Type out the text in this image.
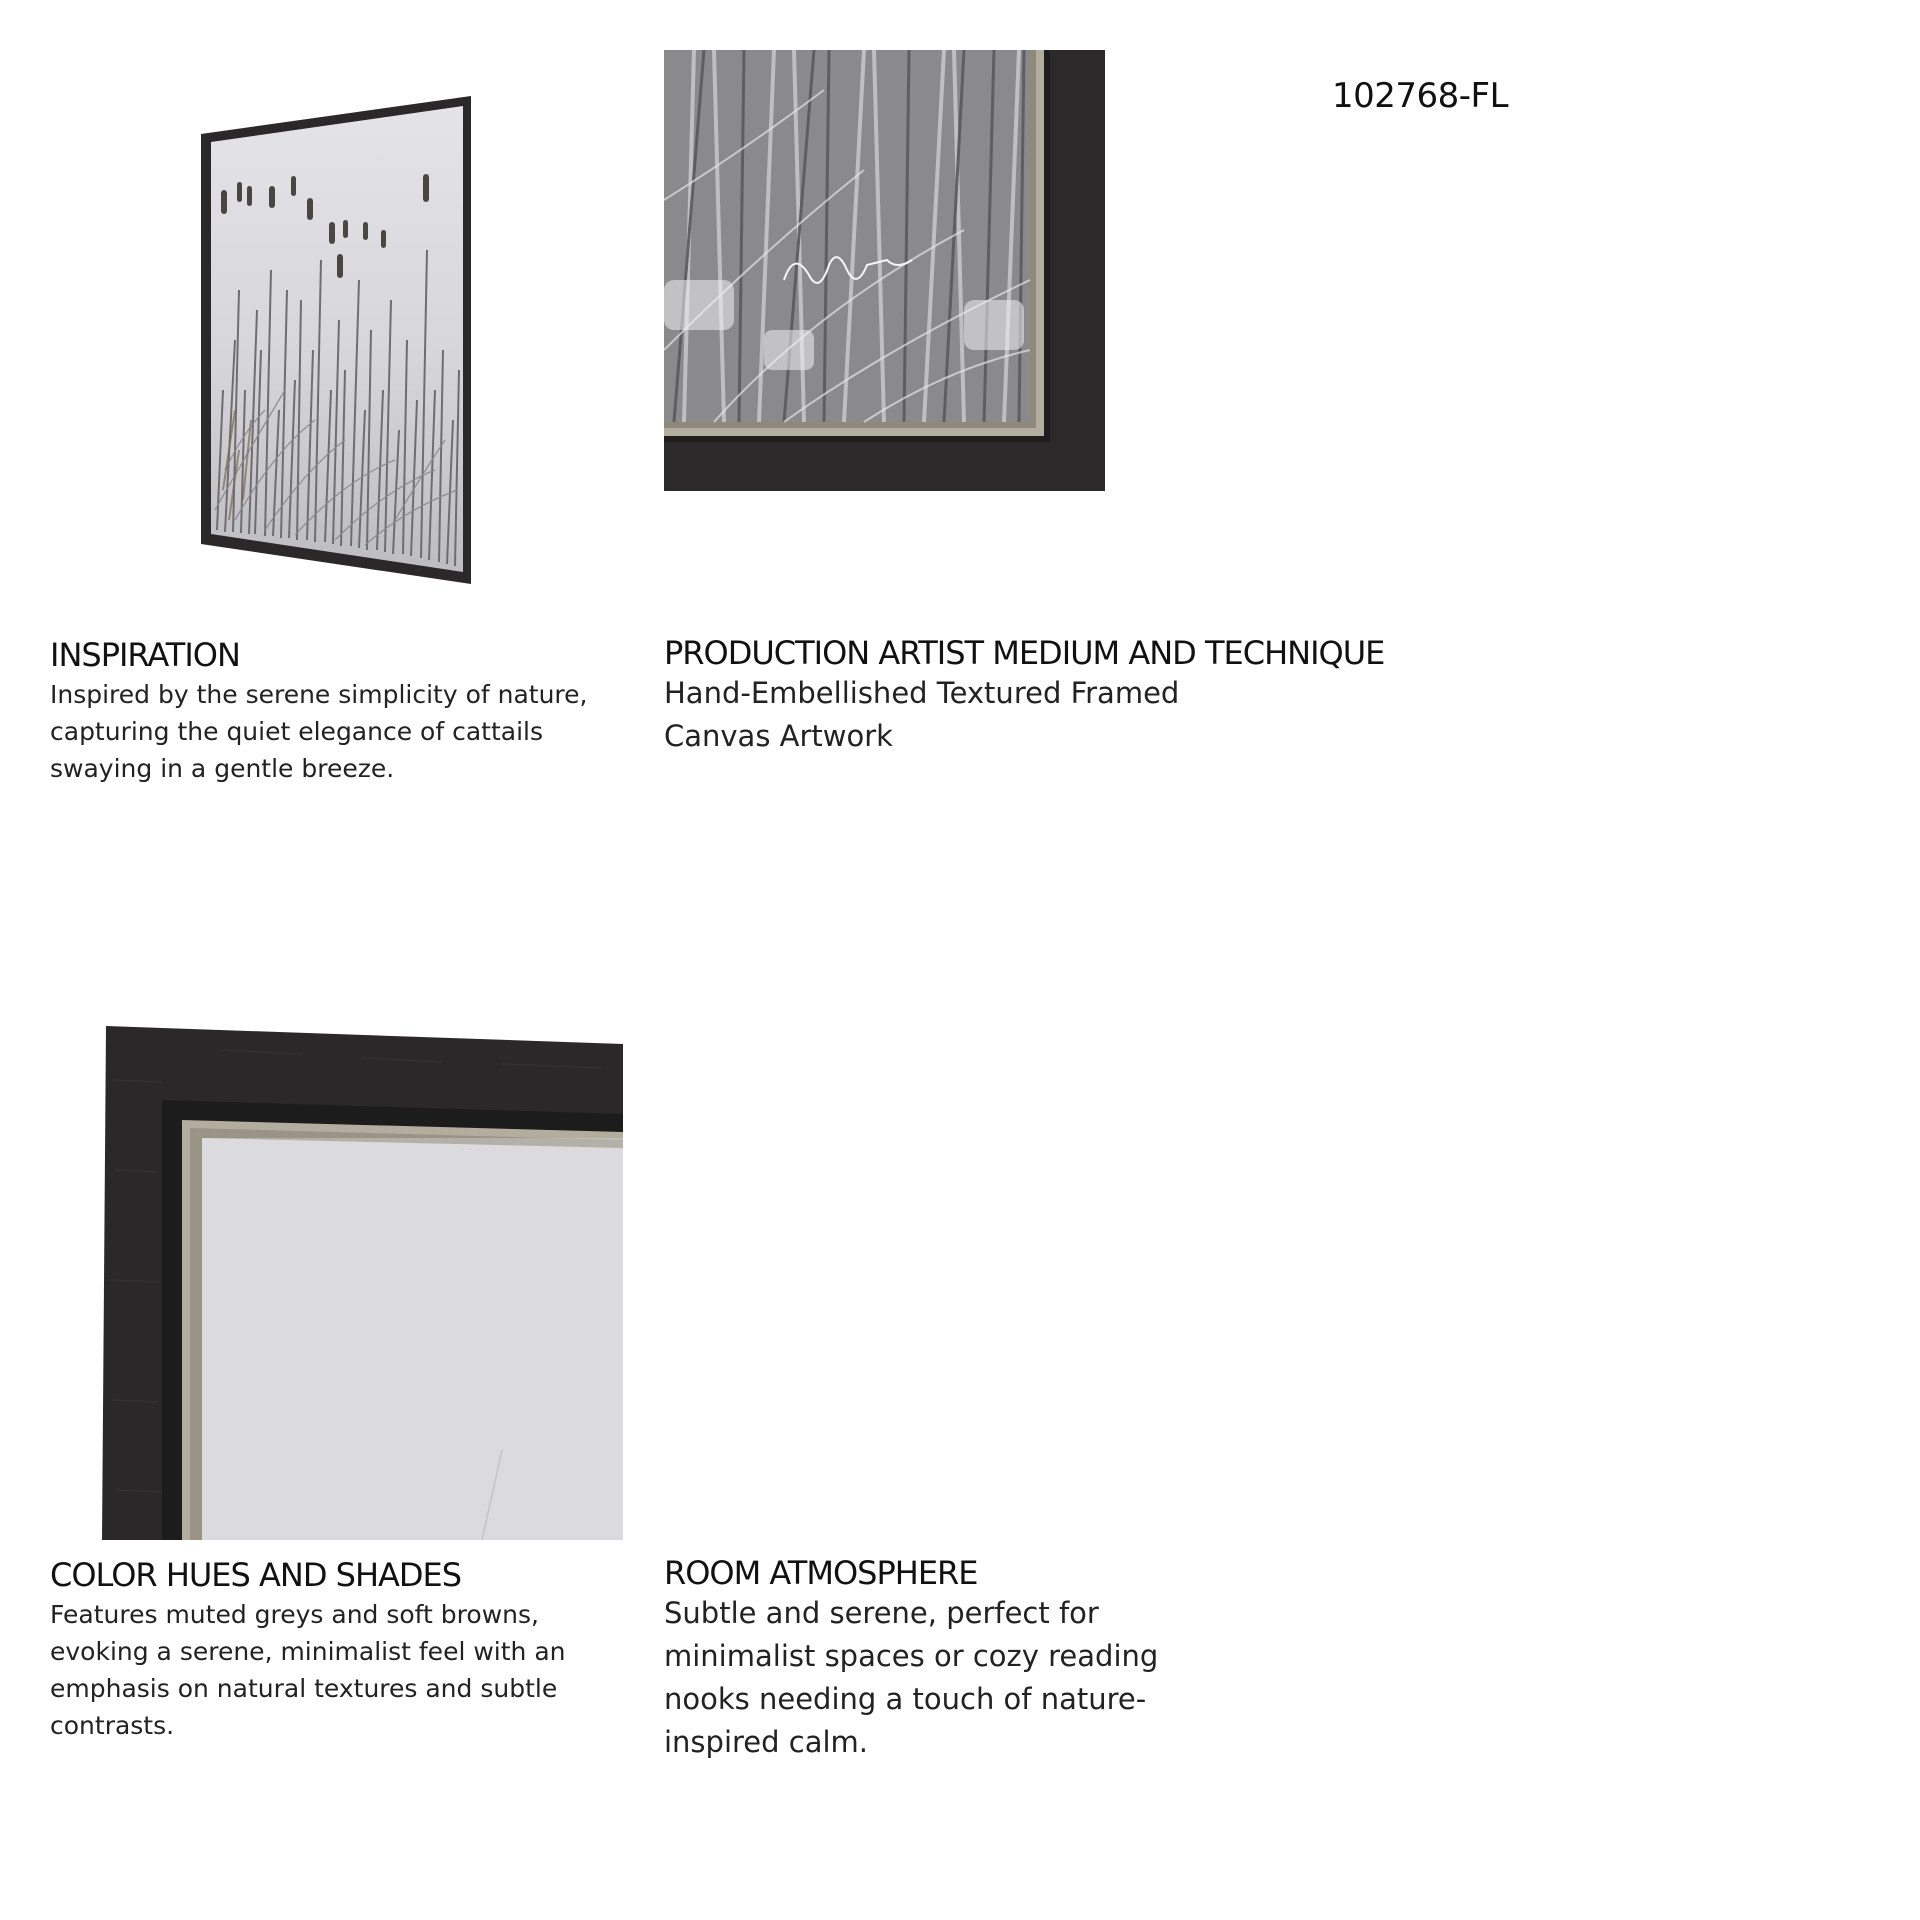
102768-FL
INSPIRATION

Inspired by the serene simplicity of nature, capturing the quiet elegance of cattails swaying in a gentle breeze.

PRODUCTION ARTIST MEDIUM AND TECHNIQUE

Hand-Embellished Textured Framed Canvas Artwork

COLOR HUES AND SHADES

Features muted greys and soft browns, evoking a serene, minimalist feel with an emphasis on natural textures and subtle contrasts.

ROOM ATMOSPHERE

Subtle and serene, perfect for minimalist spaces or cozy reading nooks needing a touch of nature-inspired calm.
